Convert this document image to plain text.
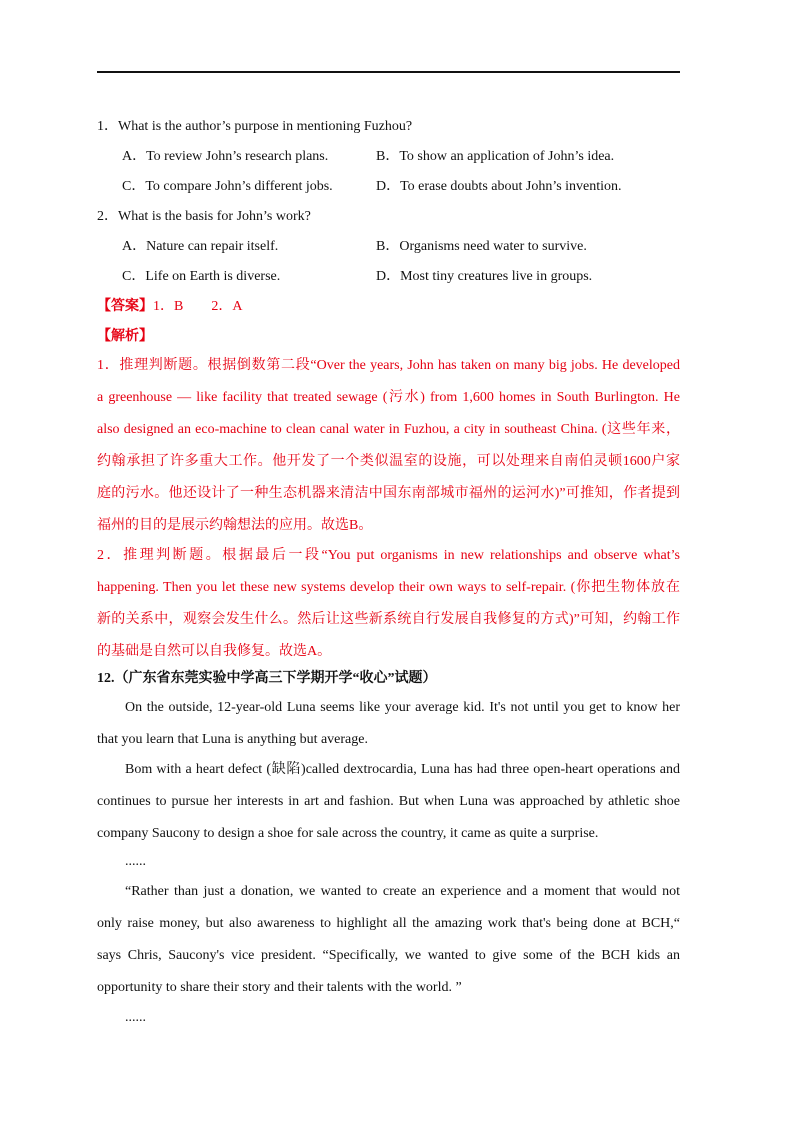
1．What is the author’s purpose in mentioning Fuzhou?
A．To review John’s research plans.	B．To show an application of John’s idea.
C．To compare John’s different jobs.	D．To erase doubts about John’s invention.
2．What is the basis for John’s work?
A．Nature can repair itself.	B．Organisms need water to survive.
C．Life on Earth is diverse.	D．Most tiny creatures live in groups.
【答案】1．B　　2．A
【解析】
1．推理判断题。根据倒数第二段“Over the years, John has taken on many big jobs. He developed
a greenhouse — like facility that treated sewage (污水) from 1,600 homes in South Burlington. He
also designed an eco-machine to clean canal water in Fuzhou, a city in southeast China. (这些年来，
约翰承担了许多重大工作。他开发了一个类似温室的设施，可以处理来自南伯灵顿1600户家
庭的污水。他还设计了一种生态机器来清洁中国东南部城市福州的运河水)”可推知，作者提到
福州的目的是展示约翰想法的应用。故选B。
2．推理判断题。根据最后一段“You put organisms in new relationships and observe what’s
happening. Then you let these new systems develop their own ways to self-repair. (你把生物体放在
新的关系中，观察会发生什么。然后让这些新系统自行发展自我修复的方式)”可知，约翰工作
的基础是自然可以自我修复。故选A。
12.（广东省东莞实验中学高三下学期开学“收心”试题）
On the outside, 12-year-old Luna seems like your average kid. It's not until you get to know her
that you learn that Luna is anything but average.
Bom with a heart defect (缺陷)called dextrocardia, Luna has had three open-heart operations and
continues to pursue her interests in art and fashion. But when Luna was approached by athletic shoe
company Saucony to design a shoe for sale across the country, it came as quite a surprise.
......
“Rather than just a donation, we wanted to create an experience and a moment that would not
only raise money, but also awareness to highlight all the amazing work that's being done at BCH,“
says Chris, Saucony's vice president. “Specifically, we wanted to give some of the BCH kids an
opportunity to share their story and their talents with the world. ”
......
